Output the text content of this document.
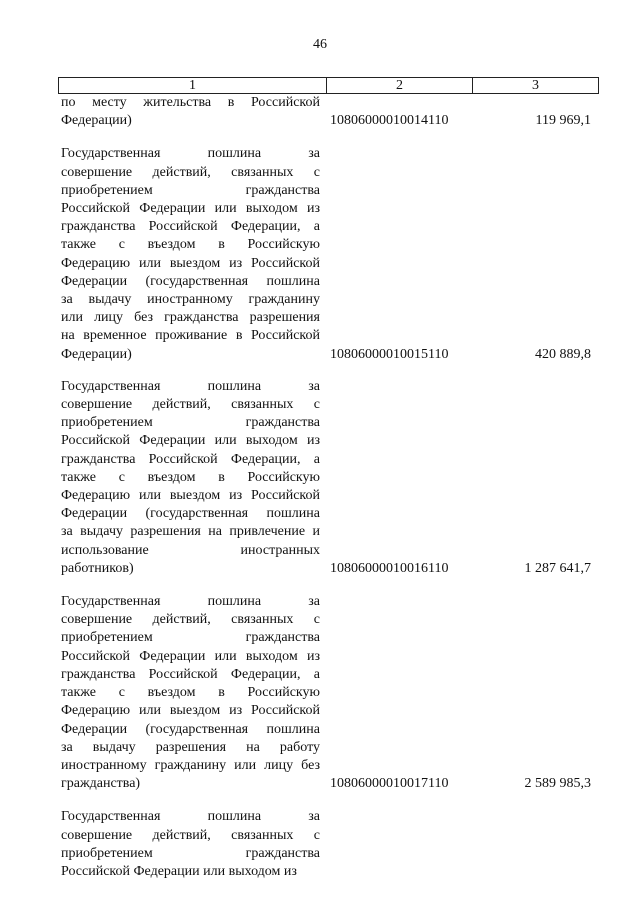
46
1	2	3
по месту жительства в Российской
Федерации)	10806000010014110	119 969,1
Государственная пошлина за
совершение действий, связанных с
приобретением гражданства
Российской Федерации или выходом из
гражданства Российской Федерации, а
также с въездом в Российскую
Федерацию или выездом из Российской
Федерации (государственная пошлина
за выдачу иностранному гражданину
или лицу без гражданства разрешения
на временное проживание в Российской
Федерации)	10806000010015110	420 889,8
Государственная пошлина за
совершение действий, связанных с
приобретением гражданства
Российской Федерации или выходом из
гражданства Российской Федерации, а
также с въездом в Российскую
Федерацию или выездом из Российской
Федерации (государственная пошлина
за выдачу разрешения на привлечение и
использование иностранных
работников)	10806000010016110	1 287 641,7
Государственная пошлина за
совершение действий, связанных с
приобретением гражданства
Российской Федерации или выходом из
гражданства Российской Федерации, а
также с въездом в Российскую
Федерацию или выездом из Российской
Федерации (государственная пошлина
за выдачу разрешения на работу
иностранному гражданину или лицу без
гражданства)	10806000010017110	2 589 985,3
Государственная пошлина за
совершение действий, связанных с
приобретением гражданства
Российской Федерации или выходом из
